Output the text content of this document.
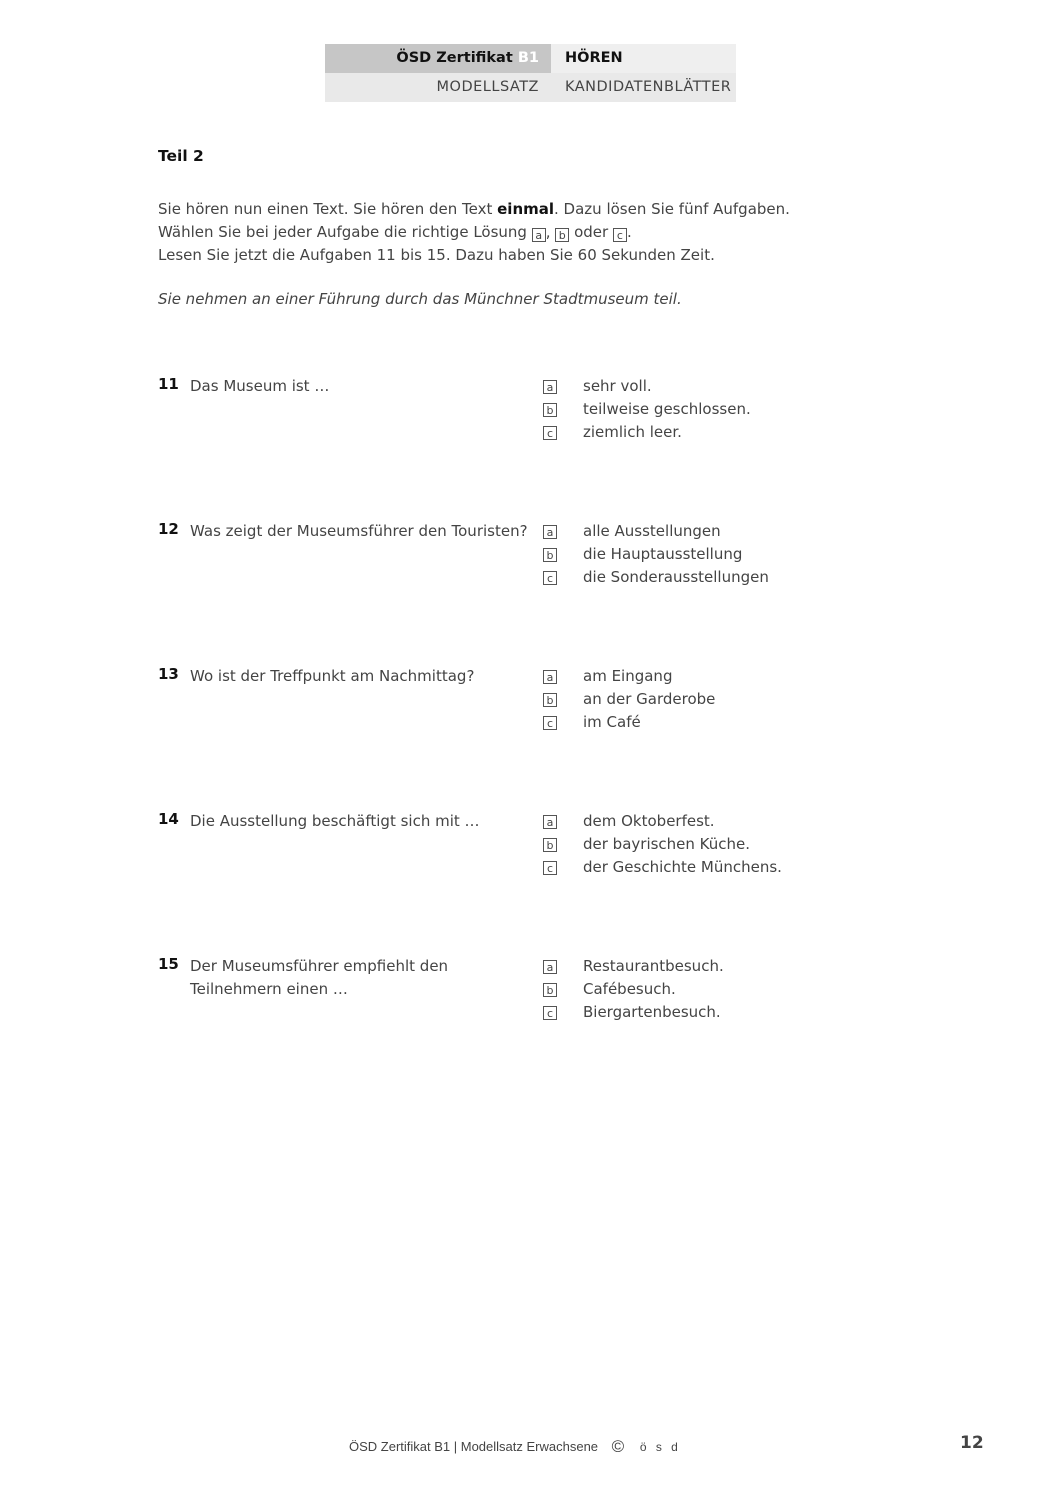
ÖSD Zertifikat B1	HÖREN
MODELLSATZ	KANDIDATENBLÄTTER
Teil 2
Sie hören nun einen Text. Sie hören den Text einmal. Dazu lösen Sie fünf Aufgaben.
Wählen Sie bei jeder Aufgabe die richtige Lösung a , b oder c .
Lesen Sie jetzt die Aufgaben 11 bis 15. Dazu haben Sie 60 Sekunden Zeit.
Sie nehmen an einer Führung durch das Münchner Stadtmuseum teil.
11 Das Museum ist …	a sehr voll.
b teilweise geschlossen.
c ziemlich leer.
12 Was zeigt der Museumsführer den Touristen?	a alle Ausstellungen
b die Hauptausstellung
c die Sonderausstellungen
13 Wo ist der Treffpunkt am Nachmittag?	a am Eingang
b an der Garderobe
c im Café
14 Die Ausstellung beschäftigt sich mit …	a dem Oktoberfest.
b der bayrischen Küche.
c der Geschichte Münchens.
15 Der Museumsführer empfiehlt den Teilnehmern einen …
a Restaurantbesuch.
b Cafébesuch.
c Biergartenbesuch.
ÖSD Zertifikat B1 | Modellsatz Erwachsene © ö s d	12
